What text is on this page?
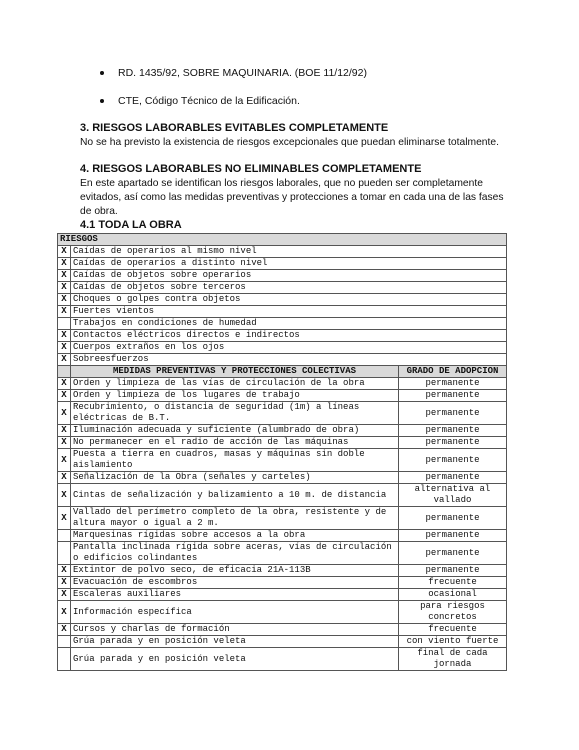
RD. 1435/92, SOBRE MAQUINARIA. (BOE 11/12/92)
CTE, Código Técnico de la Edificación.
3. RIESGOS LABORABLES EVITABLES COMPLETAMENTE
No se ha previsto la existencia de riesgos excepcionales que puedan eliminarse totalmente.
4. RIESGOS LABORABLES NO ELIMINABLES COMPLETAMENTE
En este apartado se identifican los riesgos laborales, que no pueden ser completamente evitados, así como las medidas preventivas y protecciones a tomar en cada una de las fases de obra.
4.1 TODA LA OBRA
RIESGOS		
X	Caídas de operarios al mismo nivel	
X	Caídas de operarios a distinto nivel	
X	Caídas de objetos sobre operarios	
X	Caídas de objetos sobre terceros	
X	Choques o golpes contra objetos	
X	Fuertes vientos	
	Trabajos en condiciones de humedad	
X	Contactos eléctricos directos e indirectos	
X	Cuerpos extraños en los ojos	
X	Sobreesfuerzos	
	MEDIDAS PREVENTIVAS Y PROTECCIONES COLECTIVAS	GRADO DE ADOPCION
X	Orden y limpieza de las vías de circulación de la obra	permanente
X	Orden y limpieza de los lugares de trabajo	permanente
X	Recubrimiento, o distancia de seguridad (1m) a líneas eléctricas de B.T.	permanente
X	Iluminación adecuada y suficiente (alumbrado de obra)	permanente
X	No permanecer en el radio de acción de las máquinas	permanente
X	Puesta a tierra en cuadros, masas y máquinas sin doble aislamiento	permanente
X	Señalización de la Obra (señales y carteles)	permanente
X	Cintas de señalización y balizamiento a 10 m. de distancia	alternativa al vallado
X	Vallado del perímetro completo de la obra, resistente y de altura mayor o igual a 2 m.	permanente
	Marquesinas rígidas sobre accesos a la obra	permanente
	Pantalla inclinada rígida sobre aceras, vías de circulación o edificios colindantes	permanente
X	Extintor de polvo seco, de eficacia 21A-113B	permanente
X	Evacuación de escombros	frecuente
X	Escaleras auxiliares	ocasional
X	Información específica	para riesgos concretos
X	Cursos y charlas de formación	frecuente
	Grúa parada y en posición veleta	con viento fuerte
	Grúa parada y en posición veleta	final de cada jornada
